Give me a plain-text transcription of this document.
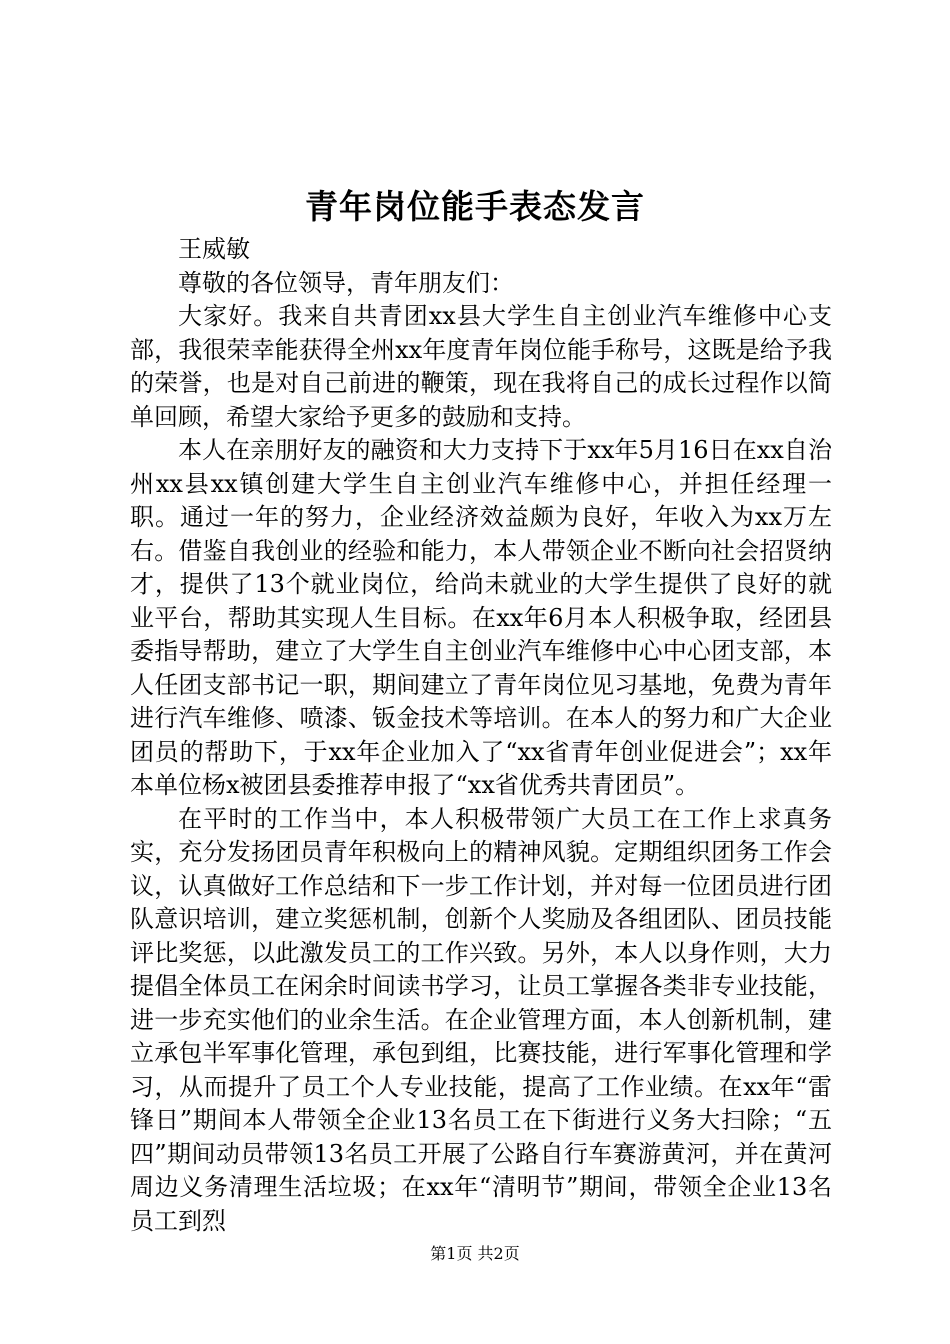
青年岗位能手表态发言

王威敏

尊敬的各位领导，青年朋友们：

大家好。我来自共青团xx县大学生自主创业汽车维修中心支部，我很荣幸能获得全州xx年度青年岗位能手称号，这既是给予我的荣誉，也是对自己前进的鞭策，现在我将自己的成长过程作以简单回顾，希望大家给予更多的鼓励和支持。

本人在亲朋好友的融资和大力支持下于xx年5月16日在xx自治州xx县xx镇创建大学生自主创业汽车维修中心，并担任经理一职。通过一年的努力，企业经济效益颇为良好，年收入为xx万左右。借鉴自我创业的经验和能力，本人带领企业不断向社会招贤纳才，提供了13个就业岗位，给尚未就业的大学生提供了良好的就业平台，帮助其实现人生目标。在xx年6月本人积极争取，经团县委指导帮助，建立了大学生自主创业汽车维修中心中心团支部，本人任团支部书记一职，期间建立了青年岗位见习基地，免费为青年进行汽车维修、喷漆、钣金技术等培训。在本人的努力和广大企业团员的帮助下，于xx年企业加入了“xx省青年创业促进会”；xx年本单位杨x被团县委推荐申报了“xx省优秀共青团员”。

在平时的工作当中，本人积极带领广大员工在工作上求真务实，充分发扬团员青年积极向上的精神风貌。定期组织团务工作会议，认真做好工作总结和下一步工作计划，并对每一位团员进行团队意识培训，建立奖惩机制，创新个人奖励及各组团队、团员技能评比奖惩，以此激发员工的工作兴致。另外，本人以身作则，大力提倡全体员工在闲余时间读书学习，让员工掌握各类非专业技能，进一步充实他们的业余生活。在企业管理方面，本人创新机制，建立承包半军事化管理，承包到组，比赛技能，进行军事化管理和学习，从而提升了员工个人专业技能，提高了工作业绩。在xx年“雷锋日”期间本人带领全企业13名员工在下街进行义务大扫除；“五四”期间动员带领13名员工开展了公路自行车赛游黄河，并在黄河周边义务清理生活垃圾；在xx年“清明节”期间，带领全企业13名员工到烈

第1页 共2页
